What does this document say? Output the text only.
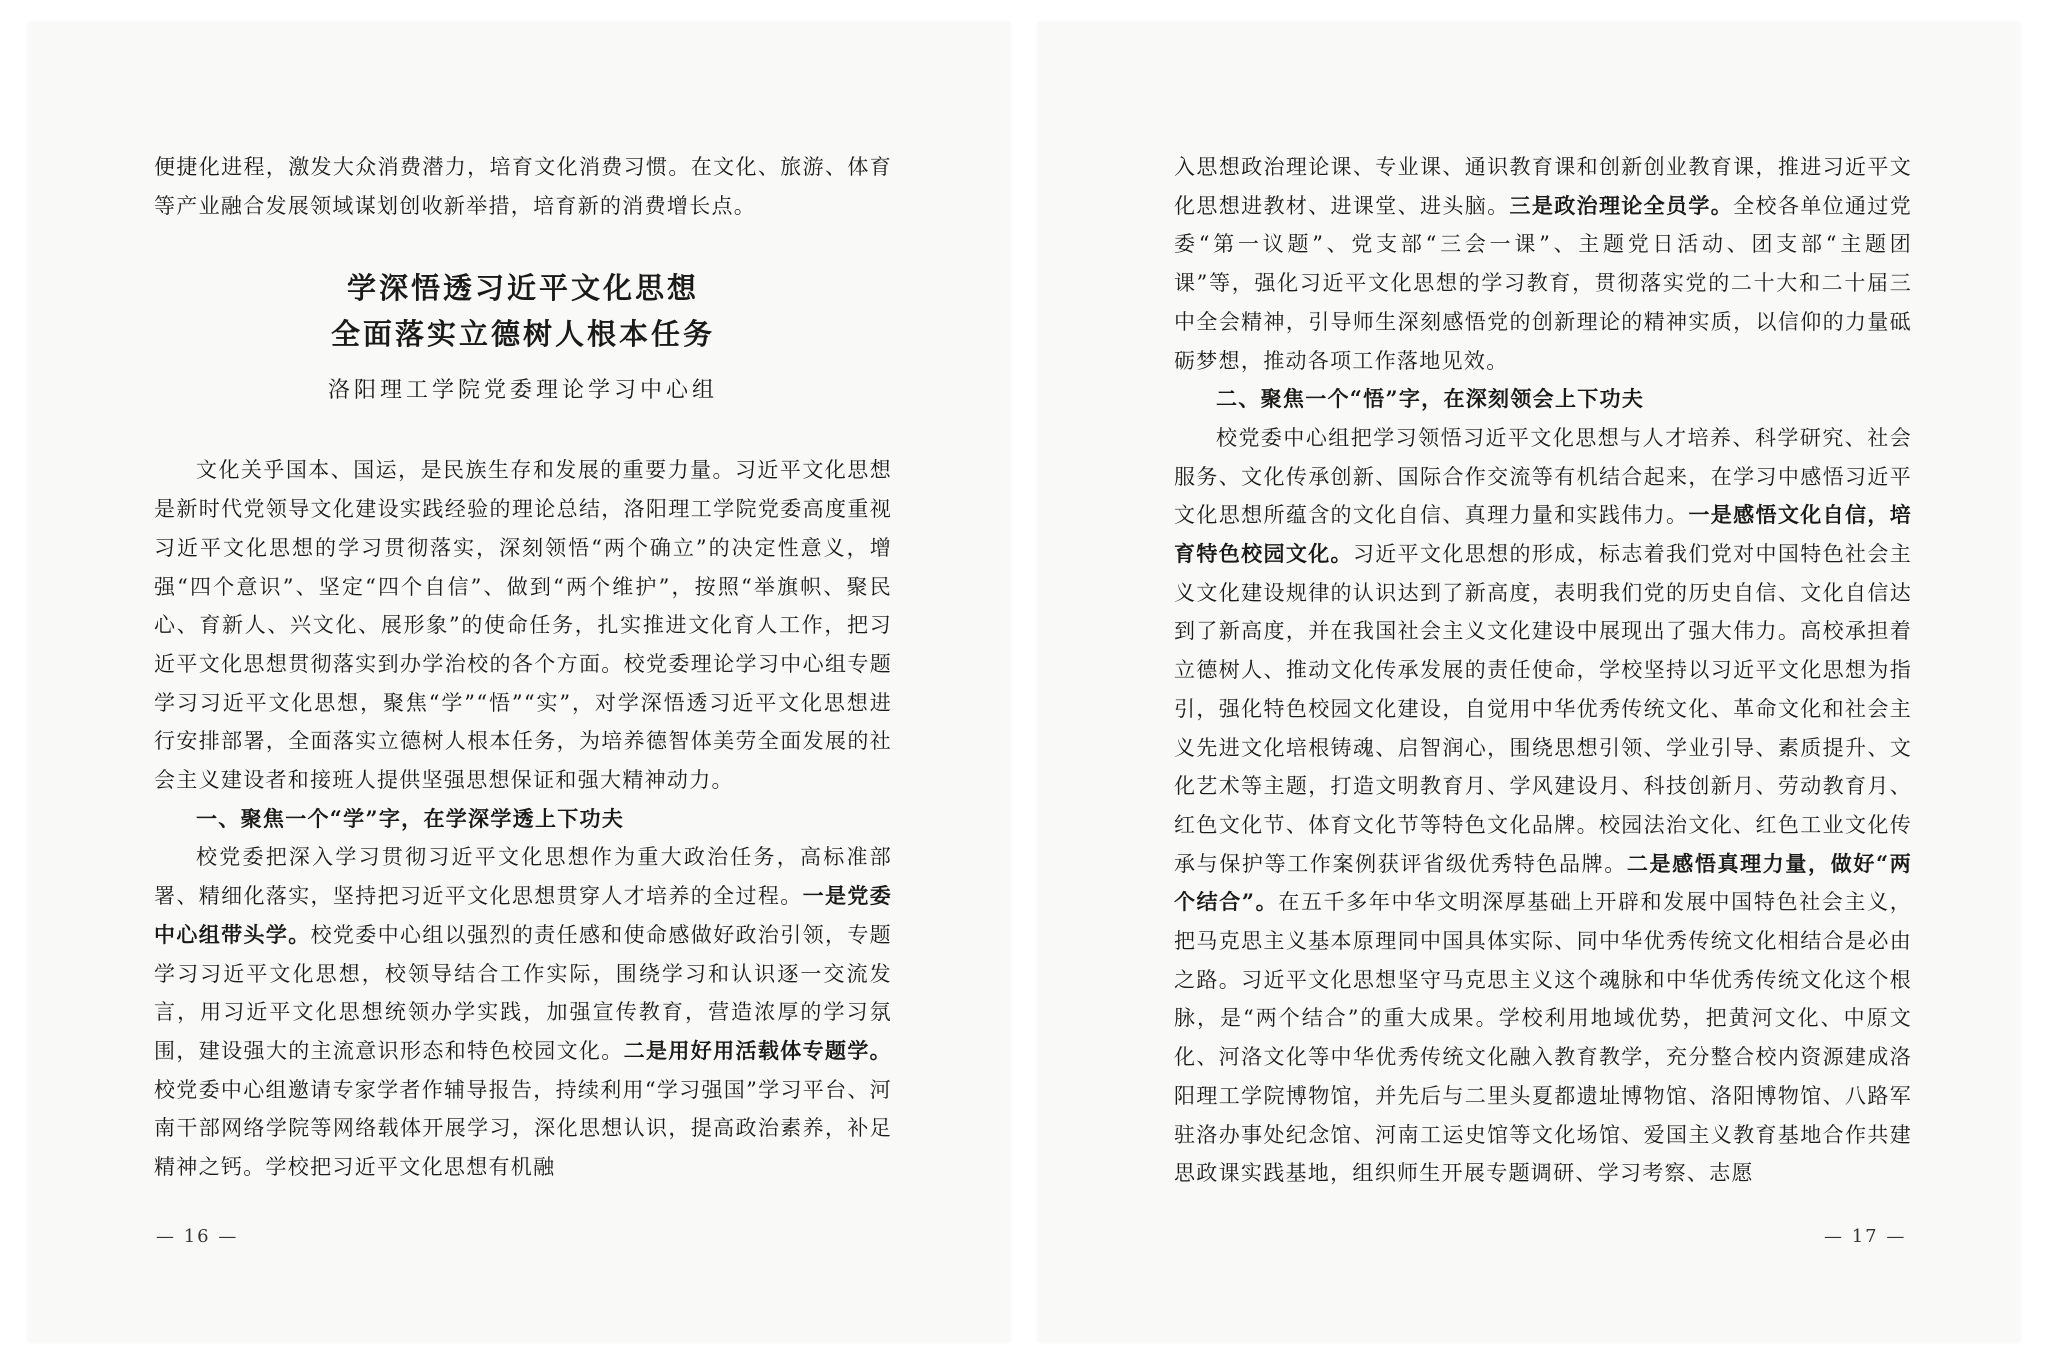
便捷化进程，激发大众消费潜力，培育文化消费习惯。在文化、旅游、体育等产业融合发展领域谋划创收新举措，培育新的消费增长点。

学深悟透习近平文化思想
全面落实立德树人根本任务
洛阳理工学院党委理论学习中心组

文化关乎国本、国运，是民族生存和发展的重要力量。习近平文化思想是新时代党领导文化建设实践经验的理论总结，洛阳理工学院党委高度重视习近平文化思想的学习贯彻落实，深刻领悟“两个确立”的决定性意义，增强“四个意识”、坚定“四个自信”、做到“两个维护”，按照“举旗帜、聚民心、育新人、兴文化、展形象”的使命任务，扎实推进文化育人工作，把习近平文化思想贯彻落实到办学治校的各个方面。校党委理论学习中心组专题学习习近平文化思想，聚焦“学”“悟”“实”，对学深悟透习近平文化思想进行安排部署，全面落实立德树人根本任务，为培养德智体美劳全面发展的社会主义建设者和接班人提供坚强思想保证和强大精神动力。

一、聚焦一个“学”字，在学深学透上下功夫

校党委把深入学习贯彻习近平文化思想作为重大政治任务，高标准部署、精细化落实，坚持把习近平文化思想贯穿人才培养的全过程。一是党委中心组带头学。校党委中心组以强烈的责任感和使命感做好政治引领，专题学习习近平文化思想，校领导结合工作实际，围绕学习和认识逐一交流发言，用习近平文化思想统领办学实践，加强宣传教育，营造浓厚的学习氛围，建设强大的主流意识形态和特色校园文化。二是用好用活载体专题学。校党委中心组邀请专家学者作辅导报告，持续利用“学习强国”学习平台、河南干部网络学院等网络载体开展学习，深化思想认识，提高政治素养，补足精神之钙。学校把习近平文化思想有机融

— 16 —

入思想政治理论课、专业课、通识教育课和创新创业教育课，推进习近平文化思想进教材、进课堂、进头脑。三是政治理论全员学。全校各单位通过党委“第一议题”、党支部“三会一课”、主题党日活动、团支部“主题团课”等，强化习近平文化思想的学习教育，贯彻落实党的二十大和二十届三中全会精神，引导师生深刻感悟党的创新理论的精神实质，以信仰的力量砥砺梦想，推动各项工作落地见效。

二、聚焦一个“悟”字，在深刻领会上下功夫

校党委中心组把学习领悟习近平文化思想与人才培养、科学研究、社会服务、文化传承创新、国际合作交流等有机结合起来，在学习中感悟习近平文化思想所蕴含的文化自信、真理力量和实践伟力。一是感悟文化自信，培育特色校园文化。习近平文化思想的形成，标志着我们党对中国特色社会主义文化建设规律的认识达到了新高度，表明我们党的历史自信、文化自信达到了新高度，并在我国社会主义文化建设中展现出了强大伟力。高校承担着立德树人、推动文化传承发展的责任使命，学校坚持以习近平文化思想为指引，强化特色校园文化建设，自觉用中华优秀传统文化、革命文化和社会主义先进文化培根铸魂、启智润心，围绕思想引领、学业引导、素质提升、文化艺术等主题，打造文明教育月、学风建设月、科技创新月、劳动教育月、红色文化节、体育文化节等特色文化品牌。校园法治文化、红色工业文化传承与保护等工作案例获评省级优秀特色品牌。二是感悟真理力量，做好“两个结合”。在五千多年中华文明深厚基础上开辟和发展中国特色社会主义，把马克思主义基本原理同中国具体实际、同中华优秀传统文化相结合是必由之路。习近平文化思想坚守马克思主义这个魂脉和中华优秀传统文化这个根脉，是“两个结合”的重大成果。学校利用地域优势，把黄河文化、中原文化、河洛文化等中华优秀传统文化融入教育教学，充分整合校内资源建成洛阳理工学院博物馆，并先后与二里头夏都遗址博物馆、洛阳博物馆、八路军驻洛办事处纪念馆、河南工运史馆等文化场馆、爱国主义教育基地合作共建思政课实践基地，组织师生开展专题调研、学习考察、志愿

— 17 —
